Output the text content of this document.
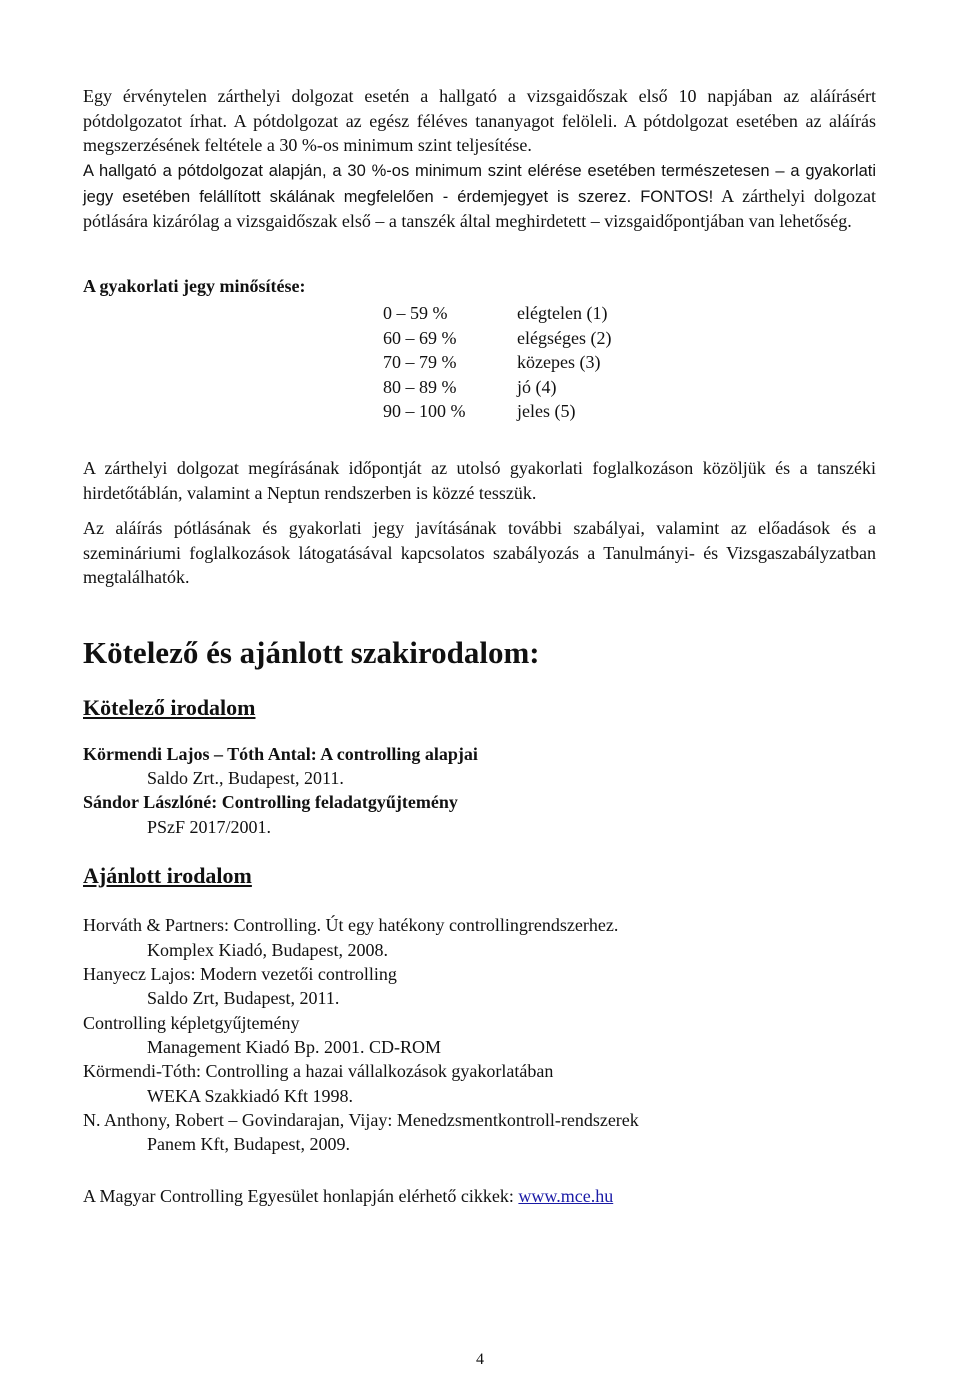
Egy érvénytelen zárthelyi dolgozat esetén a hallgató a vizsgaidőszak első 10 napjában az aláírásért pótdolgozatot írhat. A pótdolgozat az egész féléves tananyagot felöleli. A pótdolgozat esetében az aláírás megszerzésének feltétele a 30 %-os minimum szint teljesítése.
A hallgató a pótdolgozat alapján, a 30 %-os minimum szint elérése esetében természetesen – a gyakorlati jegy esetében felállított skálának megfelelően - érdemjegyet is szerez. FONTOS! A zárthelyi dolgozat pótlására kizárólag a vizsgaidőszak első – a tanszék által meghirdetett – vizsgaidőpontjában van lehetőség.
A gyakorlati jegy minősítése:
0 – 59 %	elégtelen (1)
60 – 69 %	elégséges (2)
70 – 79 %	közepes (3)
80 – 89 %	jó (4)
90 – 100 %	jeles (5)
A zárthelyi dolgozat megírásának időpontját az utolsó gyakorlati foglalkozáson közöljük és a tanszéki hirdetőtáblán, valamint a Neptun rendszerben is közzé tesszük.
Az aláírás pótlásának és gyakorlati jegy javításának további szabályai, valamint az előadások és a szemináriumi foglalkozások látogatásával kapcsolatos szabályozás a Tanulmányi- és Vizsgaszabályzatban megtalálhatók.
Kötelező és ajánlott szakirodalom:
Kötelező irodalom
Körmendi Lajos – Tóth Antal: A controlling alapjai
Saldo Zrt., Budapest, 2011.
Sándor Lászlóné: Controlling feladatgyűjtemény
PSzF 2017/2001.
Ajánlott irodalom
Horváth & Partners: Controlling. Út egy hatékony controllingrendszerhez.
Komplex Kiadó, Budapest, 2008.
Hanyecz Lajos: Modern vezetői controlling
Saldo Zrt, Budapest, 2011.
Controlling képletgyűjtemény
Management Kiadó Bp. 2001. CD-ROM
Körmendi-Tóth: Controlling a hazai vállalkozások gyakorlatában
WEKA Szakkiadó Kft 1998.
N. Anthony, Robert – Govindarajan, Vijay: Menedzsmentkontroll-rendszerek
Panem Kft, Budapest, 2009.
A Magyar Controlling Egyesület honlapján elérhető cikkek: www.mce.hu
4
